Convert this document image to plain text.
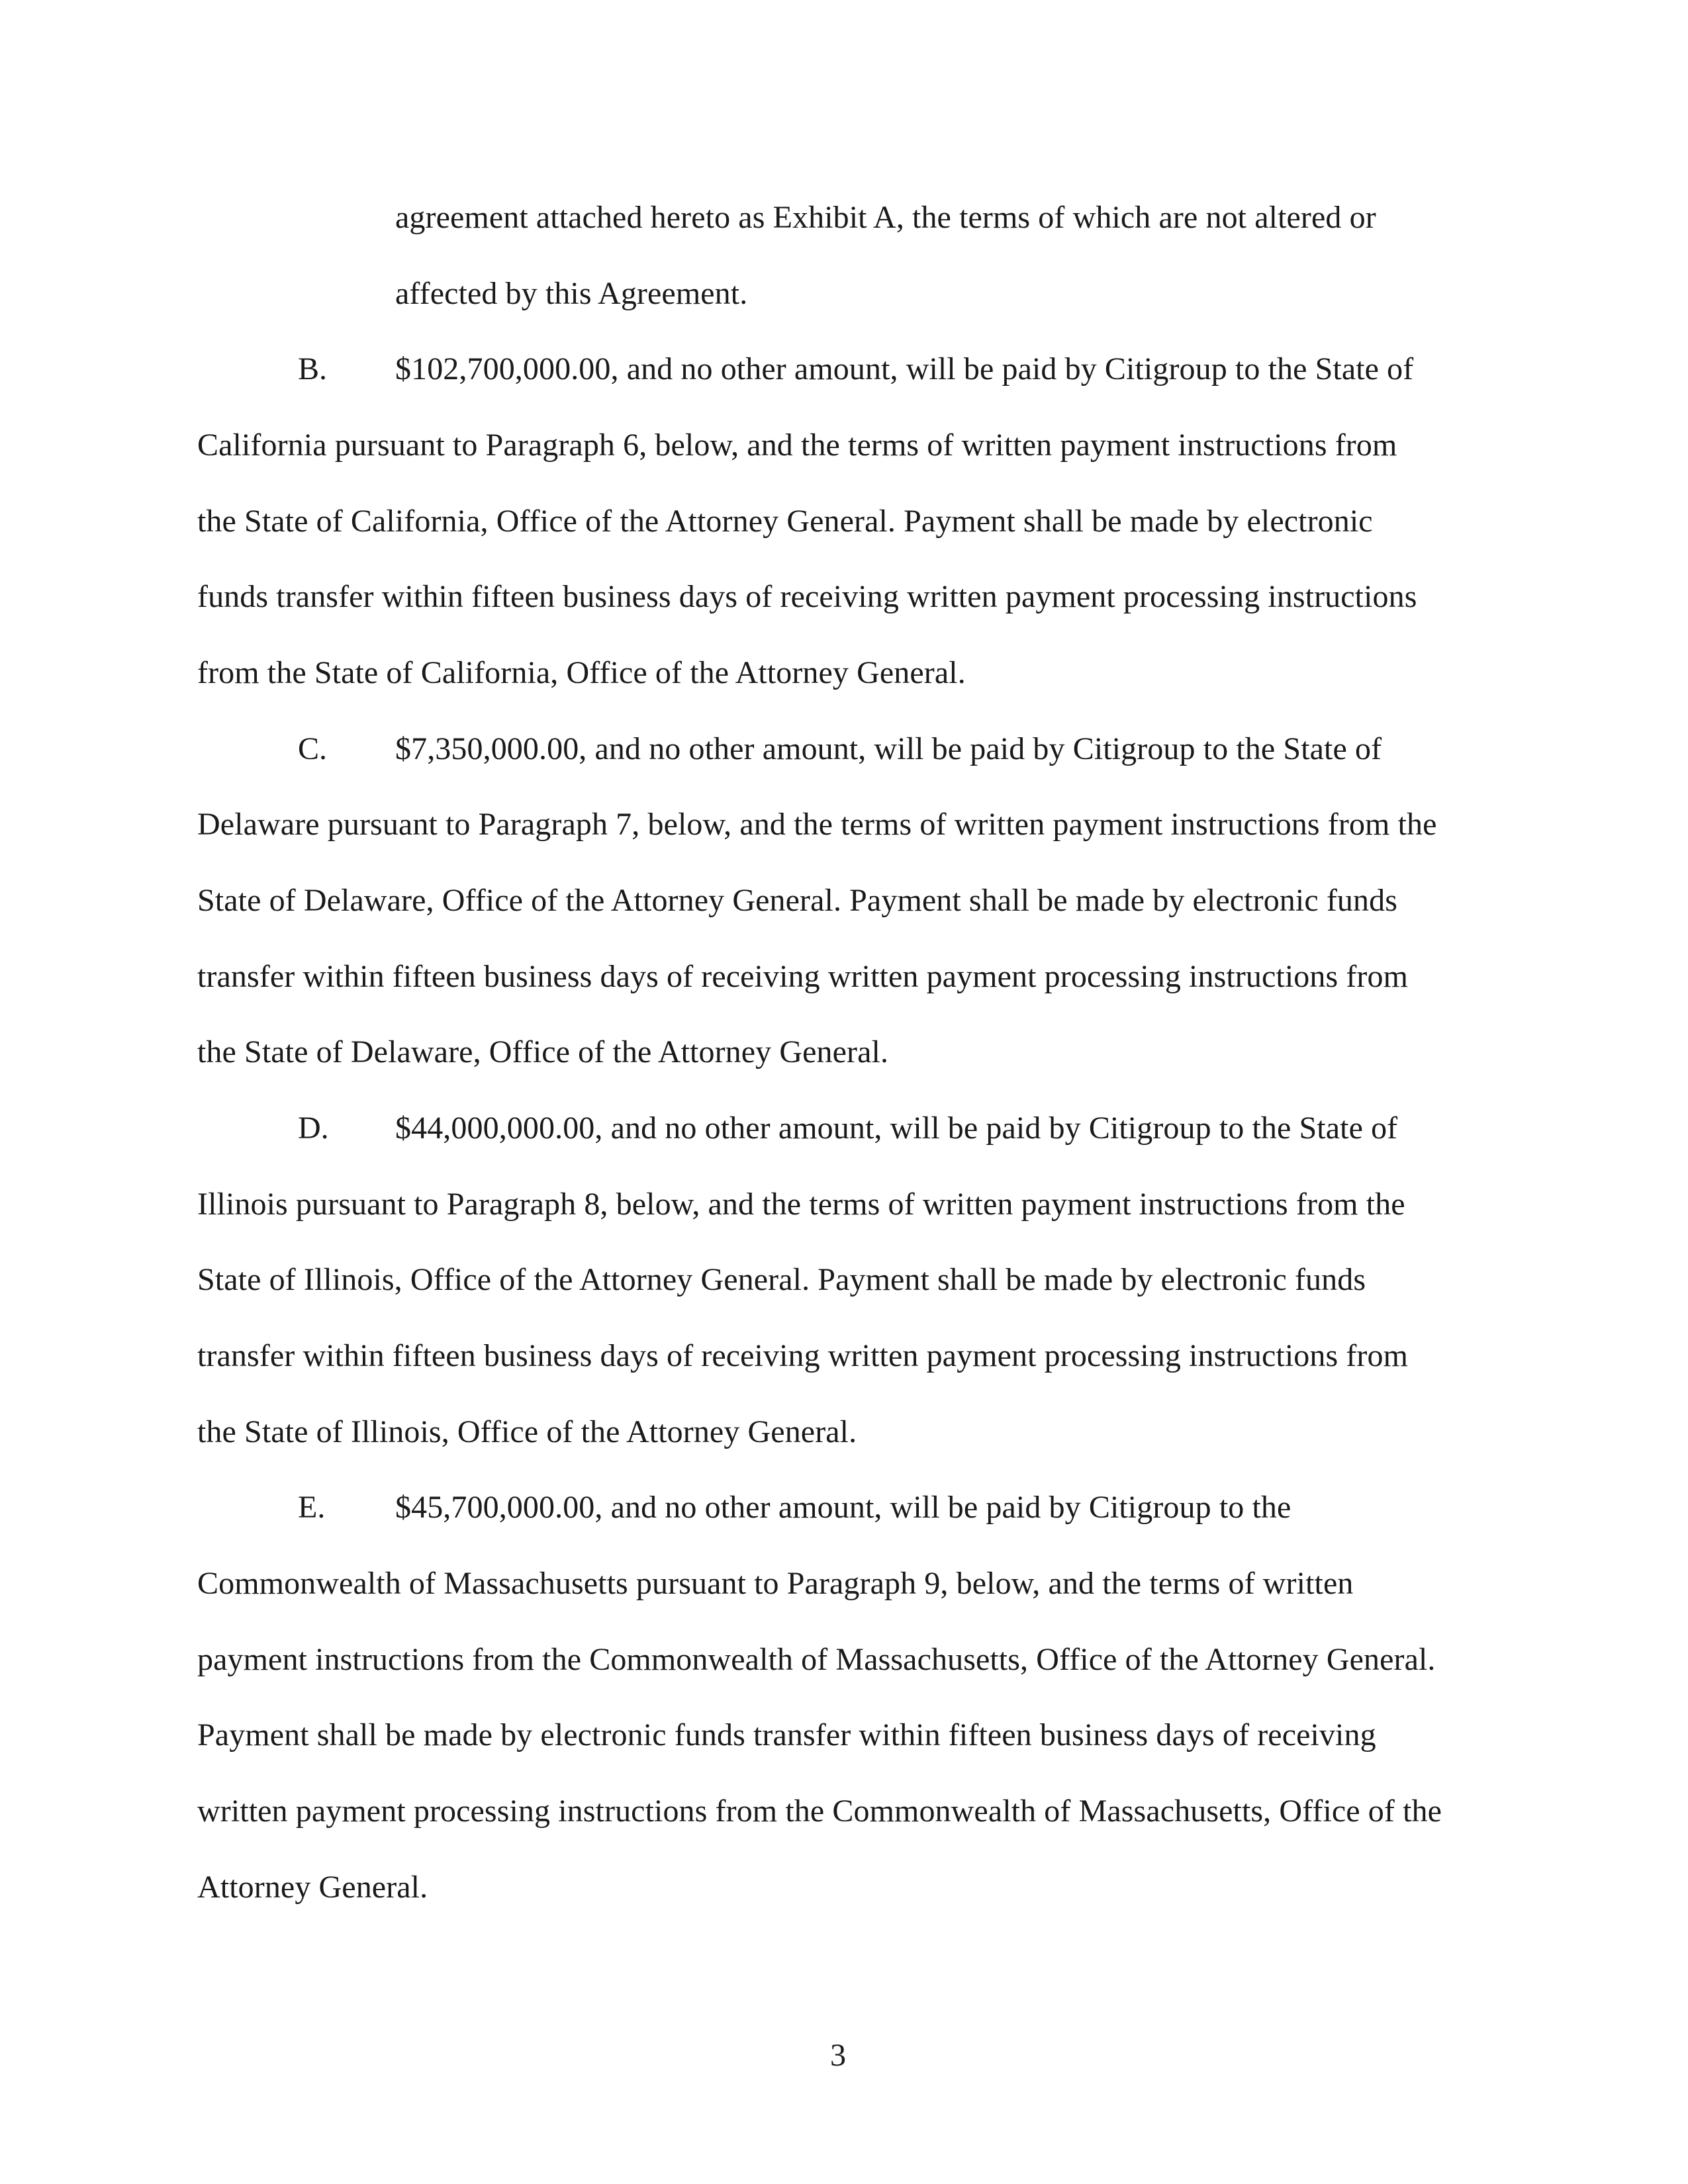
agreement attached hereto as Exhibit A, the terms of which are not altered or
affected by this Agreement.
B. $102,700,000.00, and no other amount, will be paid by Citigroup to the State of
California pursuant to Paragraph 6, below, and the terms of written payment instructions from
the State of California, Office of the Attorney General. Payment shall be made by electronic
funds transfer within fifteen business days of receiving written payment processing instructions
from the State of California, Office of the Attorney General.
C. $7,350,000.00, and no other amount, will be paid by Citigroup to the State of
Delaware pursuant to Paragraph 7, below, and the terms of written payment instructions from the
State of Delaware, Office of the Attorney General. Payment shall be made by electronic funds
transfer within fifteen business days of receiving written payment processing instructions from
the State of Delaware, Office of the Attorney General.
D. $44,000,000.00, and no other amount, will be paid by Citigroup to the State of
Illinois pursuant to Paragraph 8, below, and the terms of written payment instructions from the
State of Illinois, Office of the Attorney General. Payment shall be made by electronic funds
transfer within fifteen business days of receiving written payment processing instructions from
the State of Illinois, Office of the Attorney General.
E. $45,700,000.00, and no other amount, will be paid by Citigroup to the
Commonwealth of Massachusetts pursuant to Paragraph 9, below, and the terms of written
payment instructions from the Commonwealth of Massachusetts, Office of the Attorney General.
Payment shall be made by electronic funds transfer within fifteen business days of receiving
written payment processing instructions from the Commonwealth of Massachusetts, Office of the
Attorney General.
3
